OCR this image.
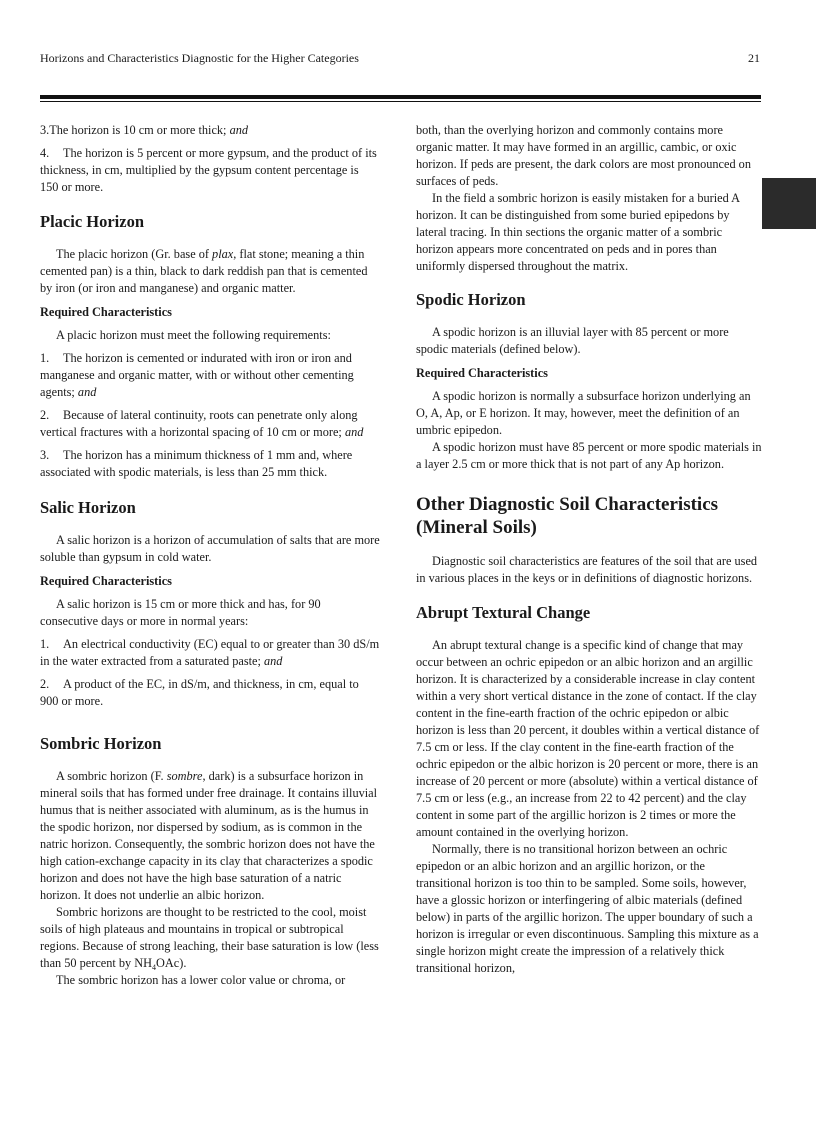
Horizons and Characteristics Diagnostic for the Higher Categories	21

3.The horizon is 10 cm or more thick; and

4. The horizon is 5 percent or more gypsum, and the product of its thickness, in cm, multiplied by the gypsum content percentage is 150 or more.

Placic Horizon

The placic horizon (Gr. base of plax, flat stone; meaning a thin cemented pan) is a thin, black to dark reddish pan that is cemented by iron (or iron and manganese) and organic matter.

Required Characteristics

A placic horizon must meet the following requirements:

1. The horizon is cemented or indurated with iron or iron and manganese and organic matter, with or without other cementing agents; and

2. Because of lateral continuity, roots can penetrate only along vertical fractures with a horizontal spacing of 10 cm or more; and

3. The horizon has a minimum thickness of 1 mm and, where associated with spodic materials, is less than 25 mm thick.

Salic Horizon

A salic horizon is a horizon of accumulation of salts that are more soluble than gypsum in cold water.

Required Characteristics

A salic horizon is 15 cm or more thick and has, for 90 consecutive days or more in normal years:

1. An electrical conductivity (EC) equal to or greater than 30 dS/m in the water extracted from a saturated paste; and

2. A product of the EC, in dS/m, and thickness, in cm, equal to 900 or more.

Sombric Horizon

A sombric horizon (F. sombre, dark) is a subsurface horizon in mineral soils that has formed under free drainage. It contains illuvial humus that is neither associated with aluminum, as is the humus in the spodic horizon, nor dispersed by sodium, as is common in the natric horizon. Consequently, the sombric horizon does not have the high cation-exchange capacity in its clay that characterizes a spodic horizon and does not have the high base saturation of a natric horizon. It does not underlie an albic horizon.

Sombric horizons are thought to be restricted to the cool, moist soils of high plateaus and mountains in tropical or subtropical regions. Because of strong leaching, their base saturation is low (less than 50 percent by $NH_4OAc$).

The sombric horizon has a lower color value or chroma, or

both, than the overlying horizon and commonly contains more organic matter. It may have formed in an argillic, cambic, or oxic horizon. If peds are present, the dark colors are most pronounced on surfaces of peds.

In the field a sombric horizon is easily mistaken for a buried A horizon. It can be distinguished from some buried epipedons by lateral tracing. In thin sections the organic matter of a sombric horizon appears more concentrated on peds and in pores than uniformly dispersed throughout the matrix.

Spodic Horizon

A spodic horizon is an illuvial layer with 85 percent or more spodic materials (defined below).

Required Characteristics

A spodic horizon is normally a subsurface horizon underlying an O, A, Ap, or E horizon. It may, however, meet the definition of an umbric epipedon.

A spodic horizon must have 85 percent or more spodic materials in a layer 2.5 cm or more thick that is not part of any Ap horizon.

Other Diagnostic Soil Characteristics
(Mineral Soils)

Diagnostic soil characteristics are features of the soil that are used in various places in the keys or in definitions of diagnostic horizons.

Abrupt Textural Change

An abrupt textural change is a specific kind of change that may occur between an ochric epipedon or an albic horizon and an argillic horizon. It is characterized by a considerable increase in clay content within a very short vertical distance in the zone of contact. If the clay content in the fine-earth fraction of the ochric epipedon or albic horizon is less than 20 percent, it doubles within a vertical distance of 7.5 cm or less. If the clay content in the fine-earth fraction of the ochric epipedon or the albic horizon is 20 percent or more, there is an increase of 20 percent or more (absolute) within a vertical distance of 7.5 cm or less (e.g., an increase from 22 to 42 percent) and the clay content in some part of the argillic horizon is 2 times or more the amount contained in the overlying horizon.

Normally, there is no transitional horizon between an ochric epipedon or an albic horizon and an argillic horizon, or the transitional horizon is too thin to be sampled. Some soils, however, have a glossic horizon or interfingering of albic materials (defined below) in parts of the argillic horizon. The upper boundary of such a horizon is irregular or even discontinuous. Sampling this mixture as a single horizon might create the impression of a relatively thick transitional horizon,
